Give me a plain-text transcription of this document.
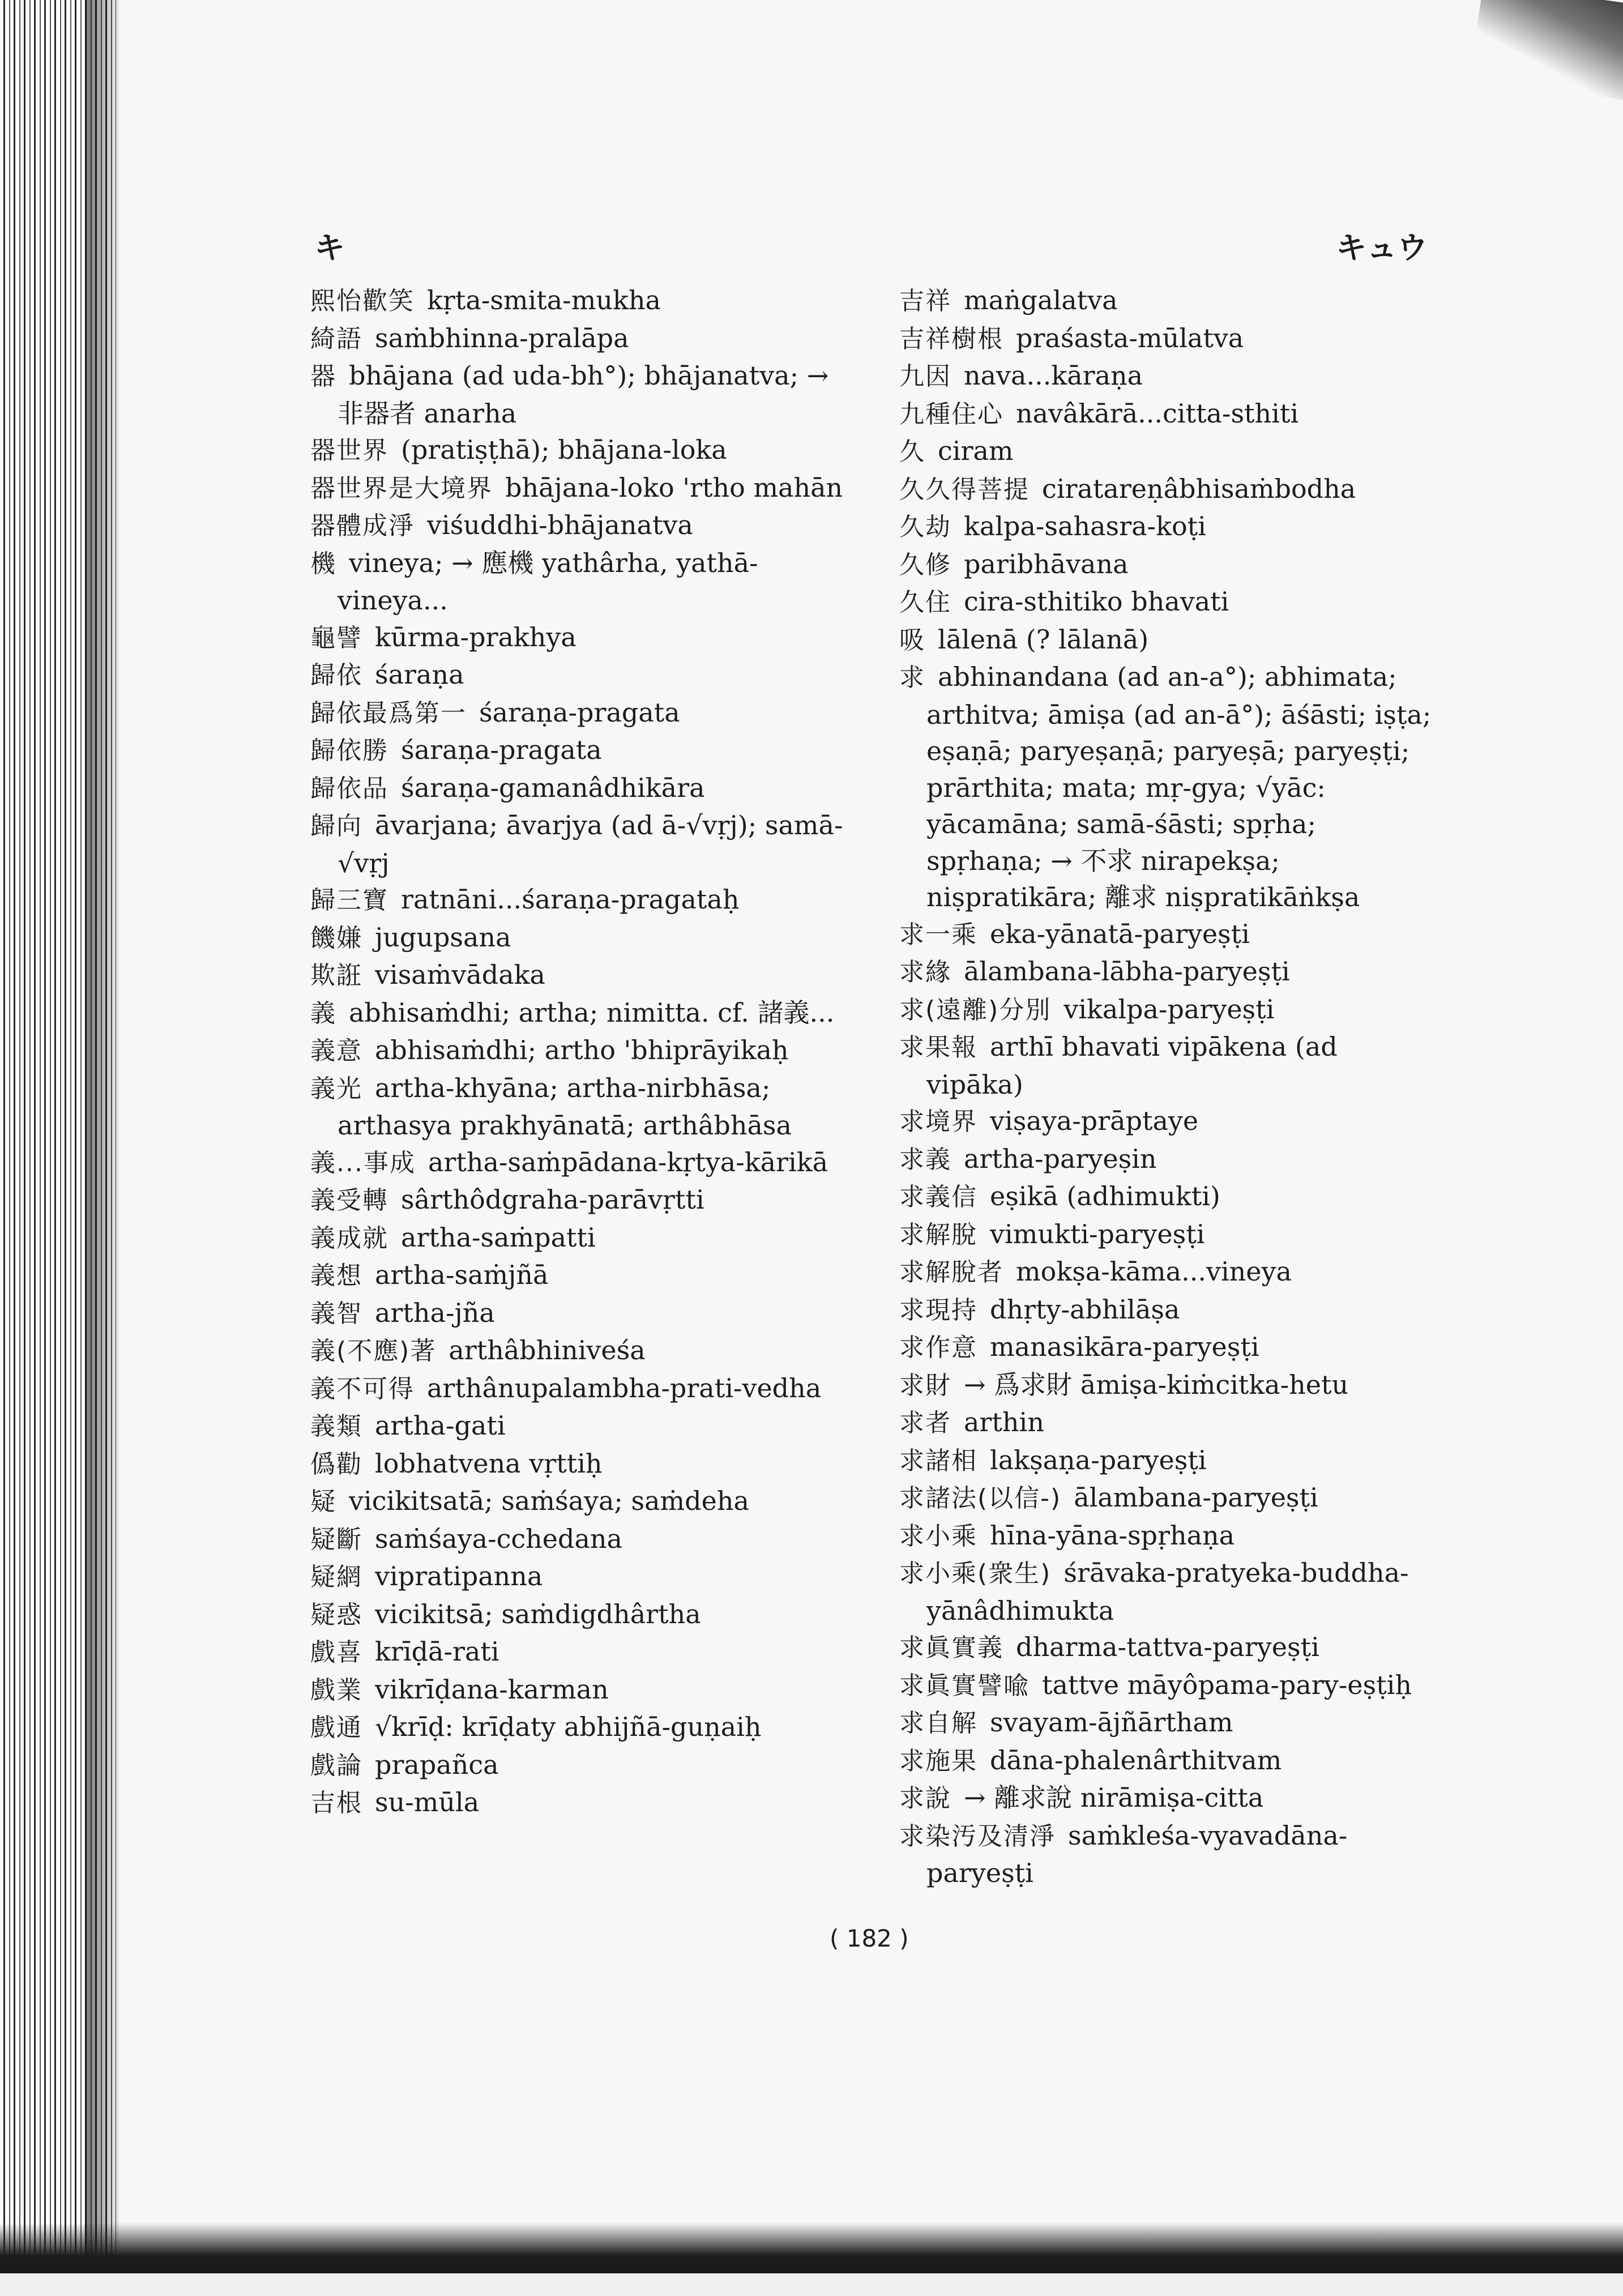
キ	キュウ

熙怡歡笑 kṛta-smita-mukha

綺語 saṁbhinna-pralāpa

器 bhājana (ad uda-bh°); bhājanatva; → 非器者 anarha

器世界 (pratiṣṭhā); bhājana-loka

器世界是大境界 bhājana-loko 'rtho mahān

器體成淨 viśuddhi-bhājanatva

機 vineya; → 應機 yathârha, yathā-vineya...

龜譬 kūrma-prakhya

歸依 śaraṇa

歸依最爲第一 śaraṇa-pragata

歸依勝 śaraṇa-pragata

歸依品 śaraṇa-gamanâdhikāra

歸向 āvarjana; āvarjya (ad ā-√vṛj); samā-√vṛj

歸三寶 ratnāni...śaraṇa-pragataḥ

饑嫌 jugupsana

欺誑 visaṁvādaka

義 abhisaṁdhi; artha; nimitta. cf. 諸義...

義意 abhisaṁdhi; artho 'bhiprāyikaḥ

義光 artha-khyāna; artha-nirbhāsa; arthasya prakhyānatā; arthâbhāsa

義...事成 artha-saṁpādana-kṛtya-kārikā

義受轉 sârthôdgraha-parāvṛtti

義成就 artha-saṁpatti

義想 artha-saṁjñā

義智 artha-jña

義(不應)著 arthâbhiniveśa

義不可得 arthânupalambha-prati-vedha

義類 artha-gati

僞勸 lobhatvena vṛttiḥ

疑 vicikitsatā; saṁśaya; saṁdeha

疑斷 saṁśaya-cchedana

疑網 vipratipanna

疑惑 vicikitsā; saṁdigdhârtha

戲喜 krīḍā-rati

戲業 vikrīḍana-karman

戲通 √krīḍ: krīḍaty abhijñā-guṇaiḥ

戲論 prapañca

吉根 su-mūla

吉祥 maṅgalatva

吉祥樹根 praśasta-mūlatva

九因 nava...kāraṇa

九種住心 navâkārā...citta-sthiti

久 ciram

久久得菩提 ciratareṇâbhisaṁbodha

久劫 kalpa-sahasra-koṭi

久修 paribhāvana

久住 cira-sthitiko bhavati

吸 lālenā (? lālanā)

求 abhinandana (ad an-a°); abhimata; arthitva; āmiṣa (ad an-ā°); āśāsti; iṣṭa; eṣaṇā; paryeṣaṇā; paryeṣā; paryeṣṭi; prārthita; mata; mṛ-gya; √yāc: yācamāna; samā-śāsti; spṛha; spṛhaṇa; → 不求 nirapekṣa; niṣpratikāra; 離求 niṣpratikāṅkṣa

求一乘 eka-yānatā-paryeṣṭi

求緣 ālambana-lābha-paryeṣṭi

求(遠離)分別 vikalpa-paryeṣṭi

求果報 arthī bhavati vipākena (ad vipāka)

求境界 viṣaya-prāptaye

求義 artha-paryeṣin

求義信 eṣikā (adhimukti)

求解脫 vimukti-paryeṣṭi

求解脫者 mokṣa-kāma...vineya

求現持 dhṛty-abhilāṣa

求作意 manasikāra-paryeṣṭi

求財 → 爲求財 āmiṣa-kiṁcitka-hetu

求者 arthin

求諸相 lakṣaṇa-paryeṣṭi

求諸法(以信-) ālambana-paryeṣṭi

求小乘 hīna-yāna-spṛhaṇa

求小乘(衆生) śrāvaka-pratyeka-buddha-yānâdhimukta

求眞實義 dharma-tattva-paryeṣṭi

求眞實譬喩 tattve māyôpama-pary-eṣṭiḥ

求自解 svayam-ājñārtham

求施果 dāna-phalenârthitvam

求說 → 離求說 nirāmiṣa-citta

求染汚及清淨 saṁkleśa-vyavadāna-paryeṣṭi

( 182 )
